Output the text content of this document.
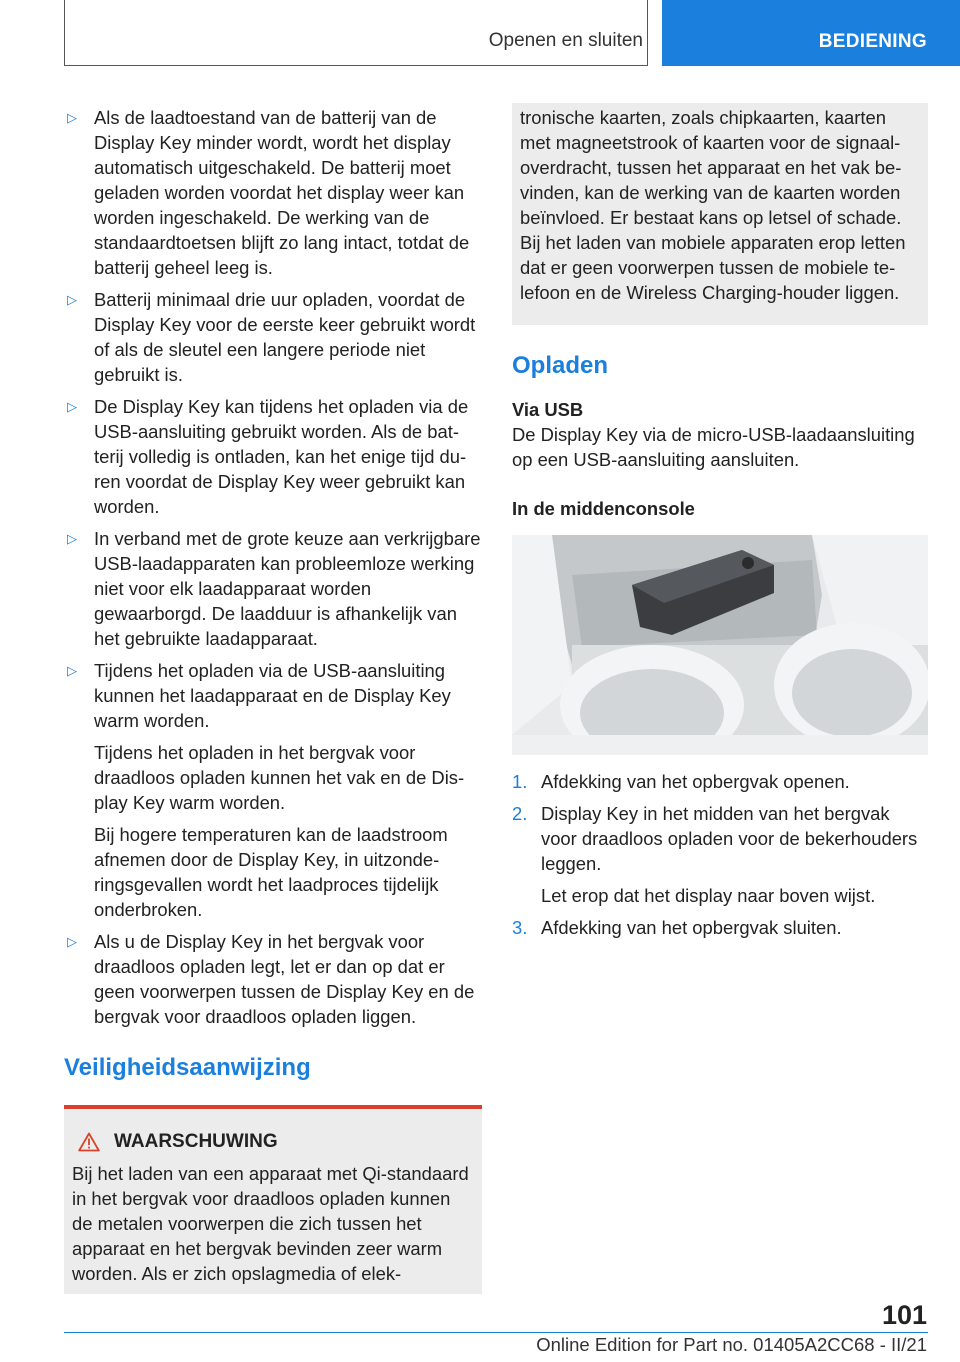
Openen en sluiten	BEDIENING
▷ Als de laadtoestand van de batterij van de Display Key minder wordt, wordt het display automatisch uitgeschakeld. De batterij moet geladen worden voordat het display weer kan worden ingeschakeld. De werking van de standaardtoetsen blijft zo lang intact, totdat de batterij geheel leeg is.
▷ Batterij minimaal drie uur opladen, voordat de Display Key voor de eerste keer gebruikt wordt of als de sleutel een langere periode niet gebruikt is.
▷ De Display Key kan tijdens het opladen via de USB-aansluiting gebruikt worden. Als de batterij volledig is ontladen, kan het enige tijd duren voordat de Display Key weer gebruikt kan worden.
▷ In verband met de grote keuze aan verkrijgbare USB-laadapparaten kan probleemloze werking niet voor elk laadapparaat worden gewaarborgd. De laadduur is afhankelijk van het gebruikte laadapparaat.
▷ Tijdens het opladen via de USB-aansluiting kunnen het laadapparaat en de Display Key warm worden.
Tijdens het opladen in het bergvak voor draadloos opladen kunnen het vak en de Display Key warm worden.
Bij hogere temperaturen kan de laadstroom afnemen door de Display Key, in uitzonderingsgevallen wordt het laadproces tijdelijk onderbroken.
▷ Als u de Display Key in het bergvak voor draadloos opladen legt, let er dan op dat er geen voorwerpen tussen de Display Key en de bergvak voor draadloos opladen liggen.
Veiligheidsaanwijzing
WAARSCHUWING
Bij het laden van een apparaat met Qi-standaard in het bergvak voor draadloos opladen kunnen de metalen voorwerpen die zich tussen het apparaat en het bergvak bevinden zeer warm worden. Als er zich opslagmedia of elek-
tronische kaarten, zoals chipkaarten, kaarten met magneetstrook of kaarten voor de signaaloverdracht, tussen het apparaat en het vak bevinden, kan de werking van de kaarten worden beïnvloed. Er bestaat kans op letsel of schade. Bij het laden van mobiele apparaten erop letten dat er geen voorwerpen tussen de mobiele telefoon en de Wireless Charging-houder liggen.
Opladen
Via USB
De Display Key via de micro-USB-laadaansluiting op een USB-aansluiting aansluiten.
In de middenconsole
1. Afdekking van het opbergvak openen.
2. Display Key in het midden van het bergvak voor draadloos opladen voor de bekerhouders leggen.
Let erop dat het display naar boven wijst.
3. Afdekking van het opbergvak sluiten.
101
Online Edition for Part no. 01405A2CC68 - II/21
